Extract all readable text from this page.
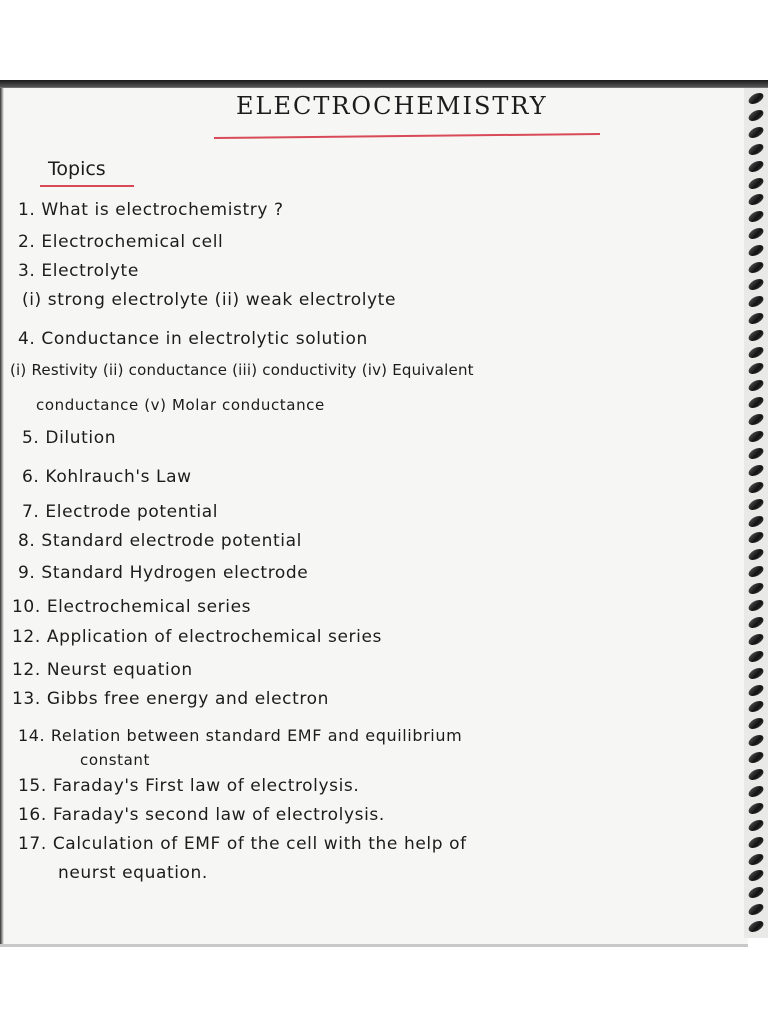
ELECTROCHEMISTRY
Topics
1. What is electrochemistry ?
2. Electrochemical cell
3. Electrolyte
(i) strong electrolyte (ii) weak electrolyte
4. Conductance in electrolytic solution
(i) Restivity (ii) conductance (iii) conductivity (iv) Equivalent
conductance (v) Molar conductance
5. Dilution
6. Kohlrauch's Law
7. Electrode potential
8. Standard electrode potential
9. Standard Hydrogen electrode
10. Electrochemical series
12. Application of electrochemical series
12. Neurst equation
13. Gibbs free energy and electron
14. Relation between standard EMF and equilibrium
constant
15. Faraday's First law of electrolysis.
16. Faraday's second law of electrolysis.
17. Calculation of EMF of the cell with the help of
neurst equation.
